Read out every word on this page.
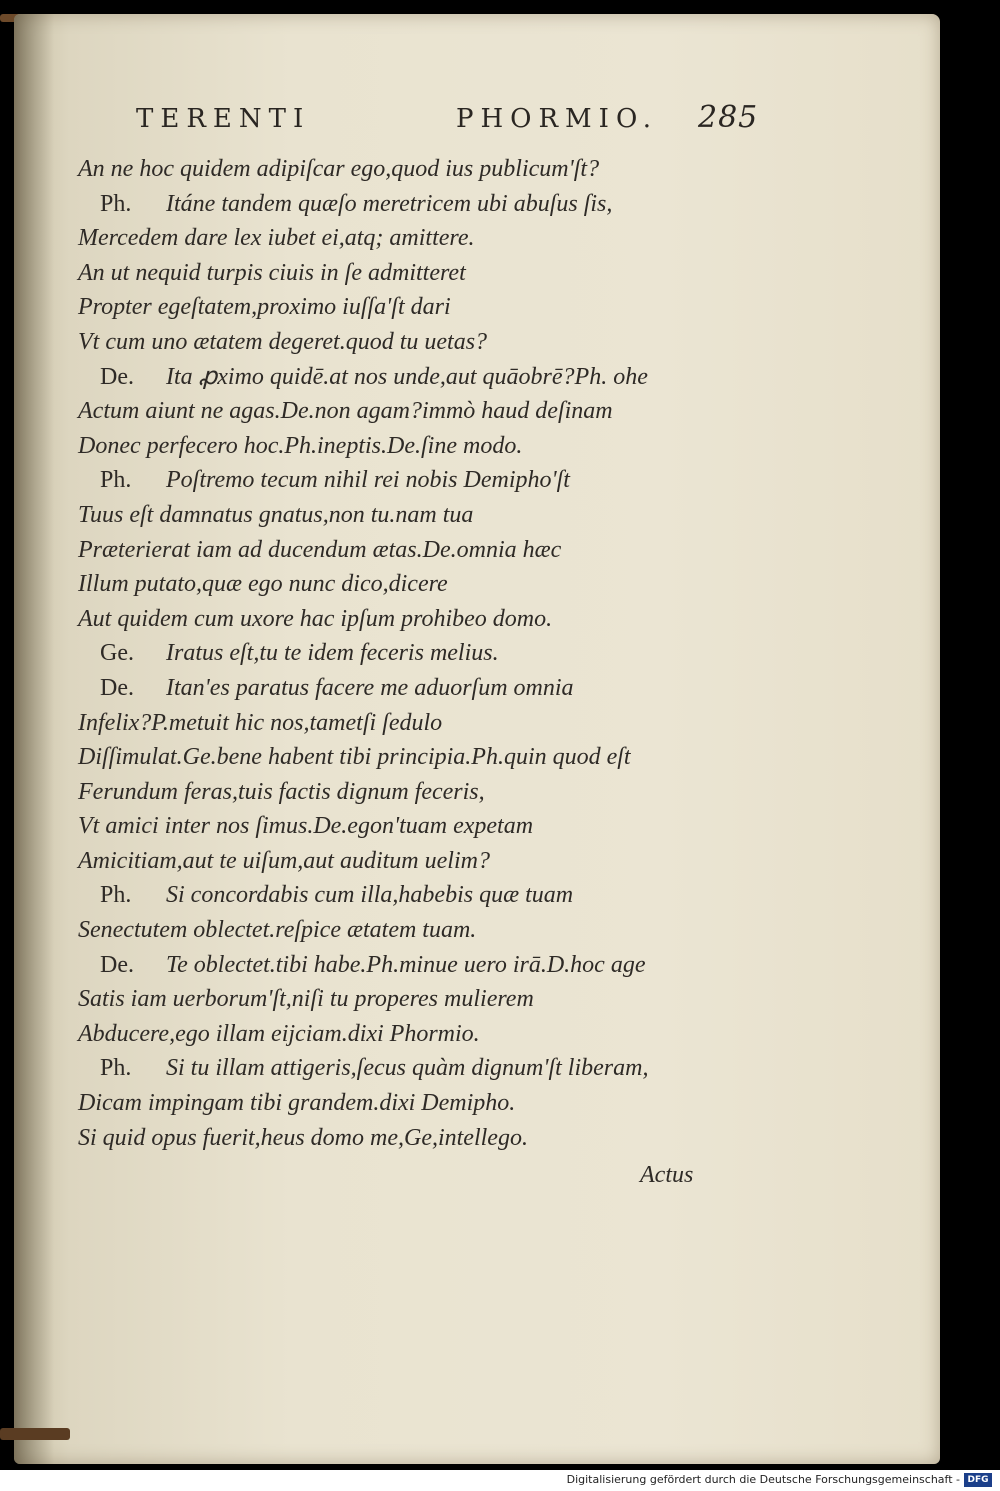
TERENTI	PHORMIO. 285
An ne hoc quidem adipiſcar ego,quod ius publicum'ſt?
Ph. Itáne tandem quæſo meretricem ubi abuſus ſis,
Mercedem dare lex iubet ei,atq; amittere.
An ut nequid turpis ciuis in ſe admitteret
Propter egeſtatem,proximo iuſſa'ſt dari
Vt cum uno ætatem degeret.quod tu uetas?
De. Ita ꝓximo quidē.at nos unde,aut quāobrē?Ph. ohe
Actum aiunt ne agas.De.non agam?immò haud deſinam
Donec perfecero hoc.Ph.ineptis.De.ſine modo.
Ph. Poſtremo tecum nihil rei nobis Demipho'ſt
Tuus eſt damnatus gnatus,non tu.nam tua
Præterierat iam ad ducendum ætas.De.omnia hæc
Illum putato,quæ ego nunc dico,dicere
Aut quidem cum uxore hac ipſum prohibeo domo.
Ge. Iratus eſt,tu te idem feceris melius.
De. Itan'es paratus facere me aduorſum omnia
Infelix?P.metuit hic nos,tametſi ſedulo
Diſſimulat.Ge.bene habent tibi principia.Ph.quin quod eſt
Ferundum feras,tuis factis dignum feceris,
Vt amici inter nos ſimus.De.egon'tuam expetam
Amicitiam,aut te uiſum,aut auditum uelim?
Ph. Si concordabis cum illa,habebis quæ tuam
Senectutem oblectet.reſpice ætatem tuam.
De. Te oblectet.tibi habe.Ph.minue uero irā.D.hoc age
Satis iam uerborum'ſt,niſi tu properes mulierem
Abducere,ego illam eijciam.dixi Phormio.
Ph. Si tu illam attigeris,ſecus quàm dignum'ſt liberam,
Dicam impingam tibi grandem.dixi Demipho.
Si quid opus fuerit,heus domo me,Ge,intellego.
Actus
Digitalisierung gefördert durch die Deutsche Forschungsgemeinschaft - DFG
